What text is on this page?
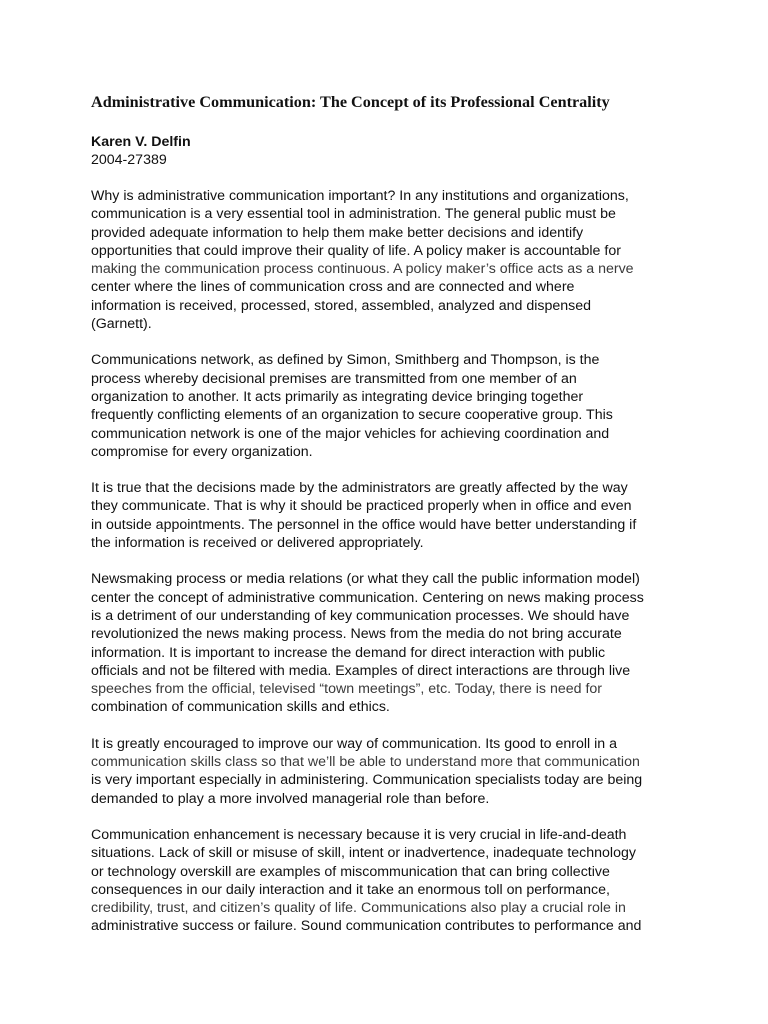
Administrative Communication: The Concept of its Professional Centrality

Karen V. Delfin

2004-27389

Why is administrative communication important? In any institutions and organizations,
communication is a very essential tool in administration. The general public must be
provided adequate information to help them make better decisions and identify
opportunities that could improve their quality of life. A policy maker is accountable for
making the communication process continuous. A policy maker’s office acts as a nerve
center where the lines of communication cross and are connected and where
information is received, processed, stored, assembled, analyzed and dispensed
(Garnett).

Communications network, as defined by Simon, Smithberg and Thompson, is the
process whereby decisional premises are transmitted from one member of an
organization to another. It acts primarily as integrating device bringing together
frequently conflicting elements of an organization to secure cooperative group. This
communication network is one of the major vehicles for achieving coordination and
compromise for every organization.

It is true that the decisions made by the administrators are greatly affected by the way
they communicate. That is why it should be practiced properly when in office and even
in outside appointments. The personnel in the office would have better understanding if
the information is received or delivered appropriately.

Newsmaking process or media relations (or what they call the public information model)
center the concept of administrative communication. Centering on news making process
is a detriment of our understanding of key communication processes. We should have
revolutionized the news making process. News from the media do not bring accurate
information. It is important to increase the demand for direct interaction with public
officials and not be filtered with media. Examples of direct interactions are through live
speeches from the official, televised “town meetings”, etc. Today, there is need for
combination of communication skills and ethics.

It is greatly encouraged to improve our way of communication. Its good to enroll in a
communication skills class so that we’ll be able to understand more that communication
is very important especially in administering. Communication specialists today are being
demanded to play a more involved managerial role than before.

Communication enhancement is necessary because it is very crucial in life-and-death
situations. Lack of skill or misuse of skill, intent or inadvertence, inadequate technology
or technology overskill are examples of miscommunication that can bring collective
consequences in our daily interaction and it take an enormous toll on performance,
credibility, trust, and citizen’s quality of life. Communications also play a crucial role in
administrative success or failure. Sound communication contributes to performance and
